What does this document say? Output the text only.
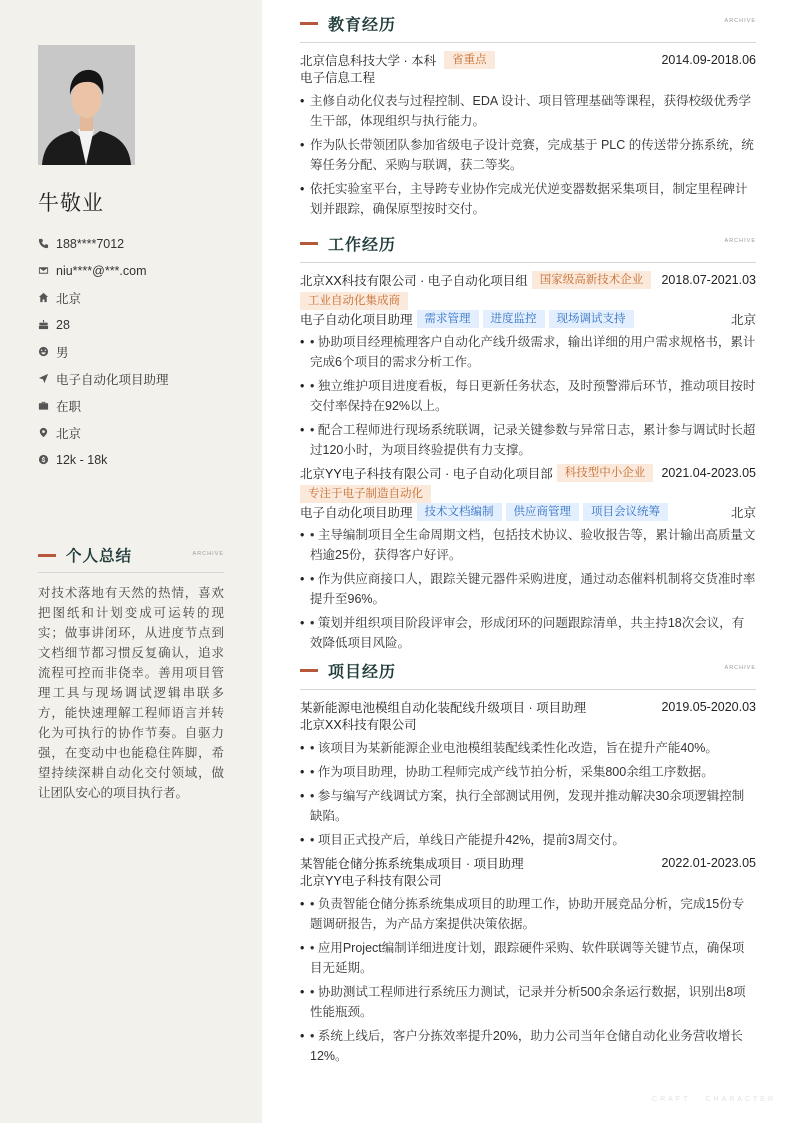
牛敬业
188****7012
niu****@***.com
北京
28
男
电子自动化项目助理
在职
北京
12k - 18k
个人总结	ARCHIVE

对技术落地有天然的热情，喜欢把图纸和计划变成可运转的现实；做事讲闭环，从进度节点到文档细节都习惯反复确认，追求流程可控而非侥幸。善用项目管理工具与现场调试逻辑串联多方，能快速理解工程师语言并转化为可执行的协作节奏。自驱力强，在变动中也能稳住阵脚，希望持续深耕自动化交付领域，做让团队安心的项目执行者。

教育经历	ARCHIVE
北京信息科技大学 · 本科	省重点	2014.09-2018.06
电子信息工程
• 主修自动化仪表与过程控制、EDA 设计、项目管理基础等课程，获得校级优秀学生干部，体现组织与执行能力。
• 作为队长带领团队参加省级电子设计竞赛，完成基于 PLC 的传送带分拣系统，统筹任务分配、采购与联调，获二等奖。
• 依托实验室平台，主导跨专业协作完成光伏逆变器数据采集项目，制定里程碑计划并跟踪，确保原型按时交付。
工作经历	ARCHIVE
北京XX科技有限公司 · 电子自动化项目组	国家级高新技术企业	2018.07-2021.03
工业自动化集成商
电子自动化项目助理	需求管理	进度监控	现场调试支持	北京
• • 协助项目经理梳理客户自动化产线升级需求，输出详细的用户需求规格书，累计完成6个项目的需求分析工作。
• • 独立维护项目进度看板，每日更新任务状态，及时预警滞后环节，推动项目按时交付率保持在92%以上。
• • 配合工程师进行现场系统联调，记录关键参数与异常日志，累计参与调试时长超过120小时，为项目终验提供有力支撑。
北京YY电子科技有限公司 · 电子自动化项目部	科技型中小企业	2021.04-2023.05
专注于电子制造自动化
电子自动化项目助理	技术文档编制	供应商管理	项目会议统筹	北京
• • 主导编制项目全生命周期文档，包括技术协议、验收报告等，累计输出高质量文档逾25份，获得客户好评。
• • 作为供应商接口人，跟踪关键元器件采购进度，通过动态催料机制将交货准时率提升至96%。
• • 策划并组织项目阶段评审会，形成闭环的问题跟踪清单，共主持18次会议，有效降低项目风险。
项目经历	ARCHIVE
某新能源电池模组自动化装配线升级项目 · 项目助理	2019.05-2020.03
北京XX科技有限公司
• • 该项目为某新能源企业电池模组装配线柔性化改造，旨在提升产能40%。
• • 作为项目助理，协助工程师完成产线节拍分析，采集800余组工序数据。
• • 参与编写产线调试方案，执行全部测试用例，发现并推动解决30余项逻辑控制缺陷。
• • 项目正式投产后，单线日产能提升42%，提前3周交付。
某智能仓储分拣系统集成项目 · 项目助理	2022.01-2023.05
北京YY电子科技有限公司
• • 负责智能仓储分拣系统集成项目的助理工作，协助开展竞品分析，完成15份专题调研报告，为产品方案提供决策依据。
• • 应用Project编制详细进度计划，跟踪硬件采购、软件联调等关键节点，确保项目无延期。
• • 协助测试工程师进行系统压力测试，记录并分析500余条运行数据，识别出8项性能瓶颈。
• • 系统上线后，客户分拣效率提升20%，助力公司当年仓储自动化业务营收增长12%。
CRAFT · CHARACTER
